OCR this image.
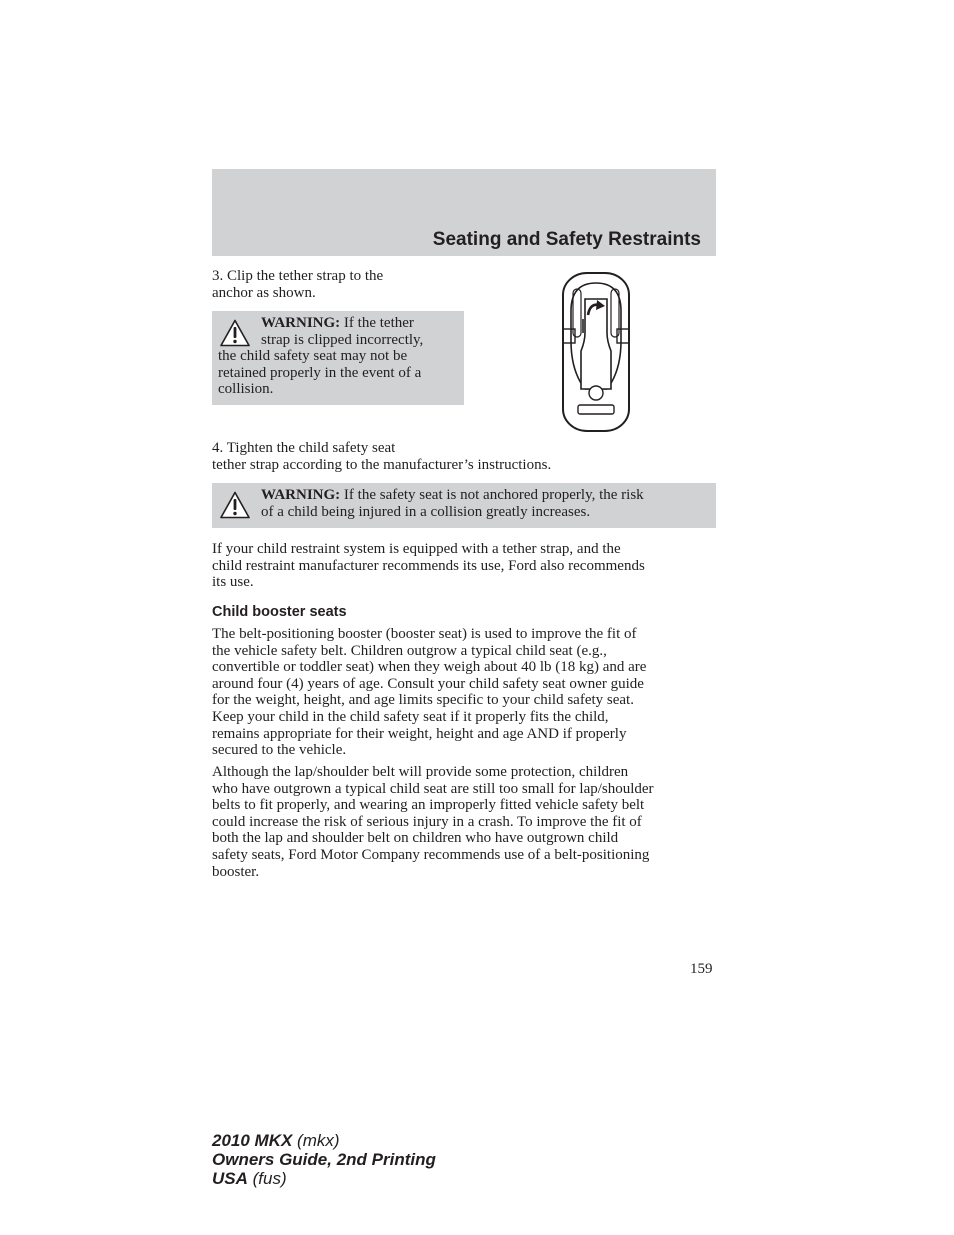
Seating and Safety Restraints
3. Clip the tether strap to the
anchor as shown.
WARNING: If the tether
strap is clipped incorrectly,
the child safety seat may not be
retained properly in the event of a
collision.
4. Tighten the child safety seat
tether strap according to the manufacturer’s instructions.
WARNING: If the safety seat is not anchored properly, the risk
of a child being injured in a collision greatly increases.
If your child restraint system is equipped with a tether strap, and the
child restraint manufacturer recommends its use, Ford also recommends
its use.
Child booster seats
The belt-positioning booster (booster seat) is used to improve the fit of
the vehicle safety belt. Children outgrow a typical child seat (e.g.,
convertible or toddler seat) when they weigh about 40 lb (18 kg) and are
around four (4) years of age. Consult your child safety seat owner guide
for the weight, height, and age limits specific to your child safety seat.
Keep your child in the child safety seat if it properly fits the child,
remains appropriate for their weight, height and age AND if properly
secured to the vehicle.
Although the lap/shoulder belt will provide some protection, children
who have outgrown a typical child seat are still too small for lap/shoulder
belts to fit properly, and wearing an improperly fitted vehicle safety belt
could increase the risk of serious injury in a crash. To improve the fit of
both the lap and shoulder belt on children who have outgrown child
safety seats, Ford Motor Company recommends use of a belt-positioning
booster.
159
2010 MKX (mkx)
Owners Guide, 2nd Printing
USA (fus)
